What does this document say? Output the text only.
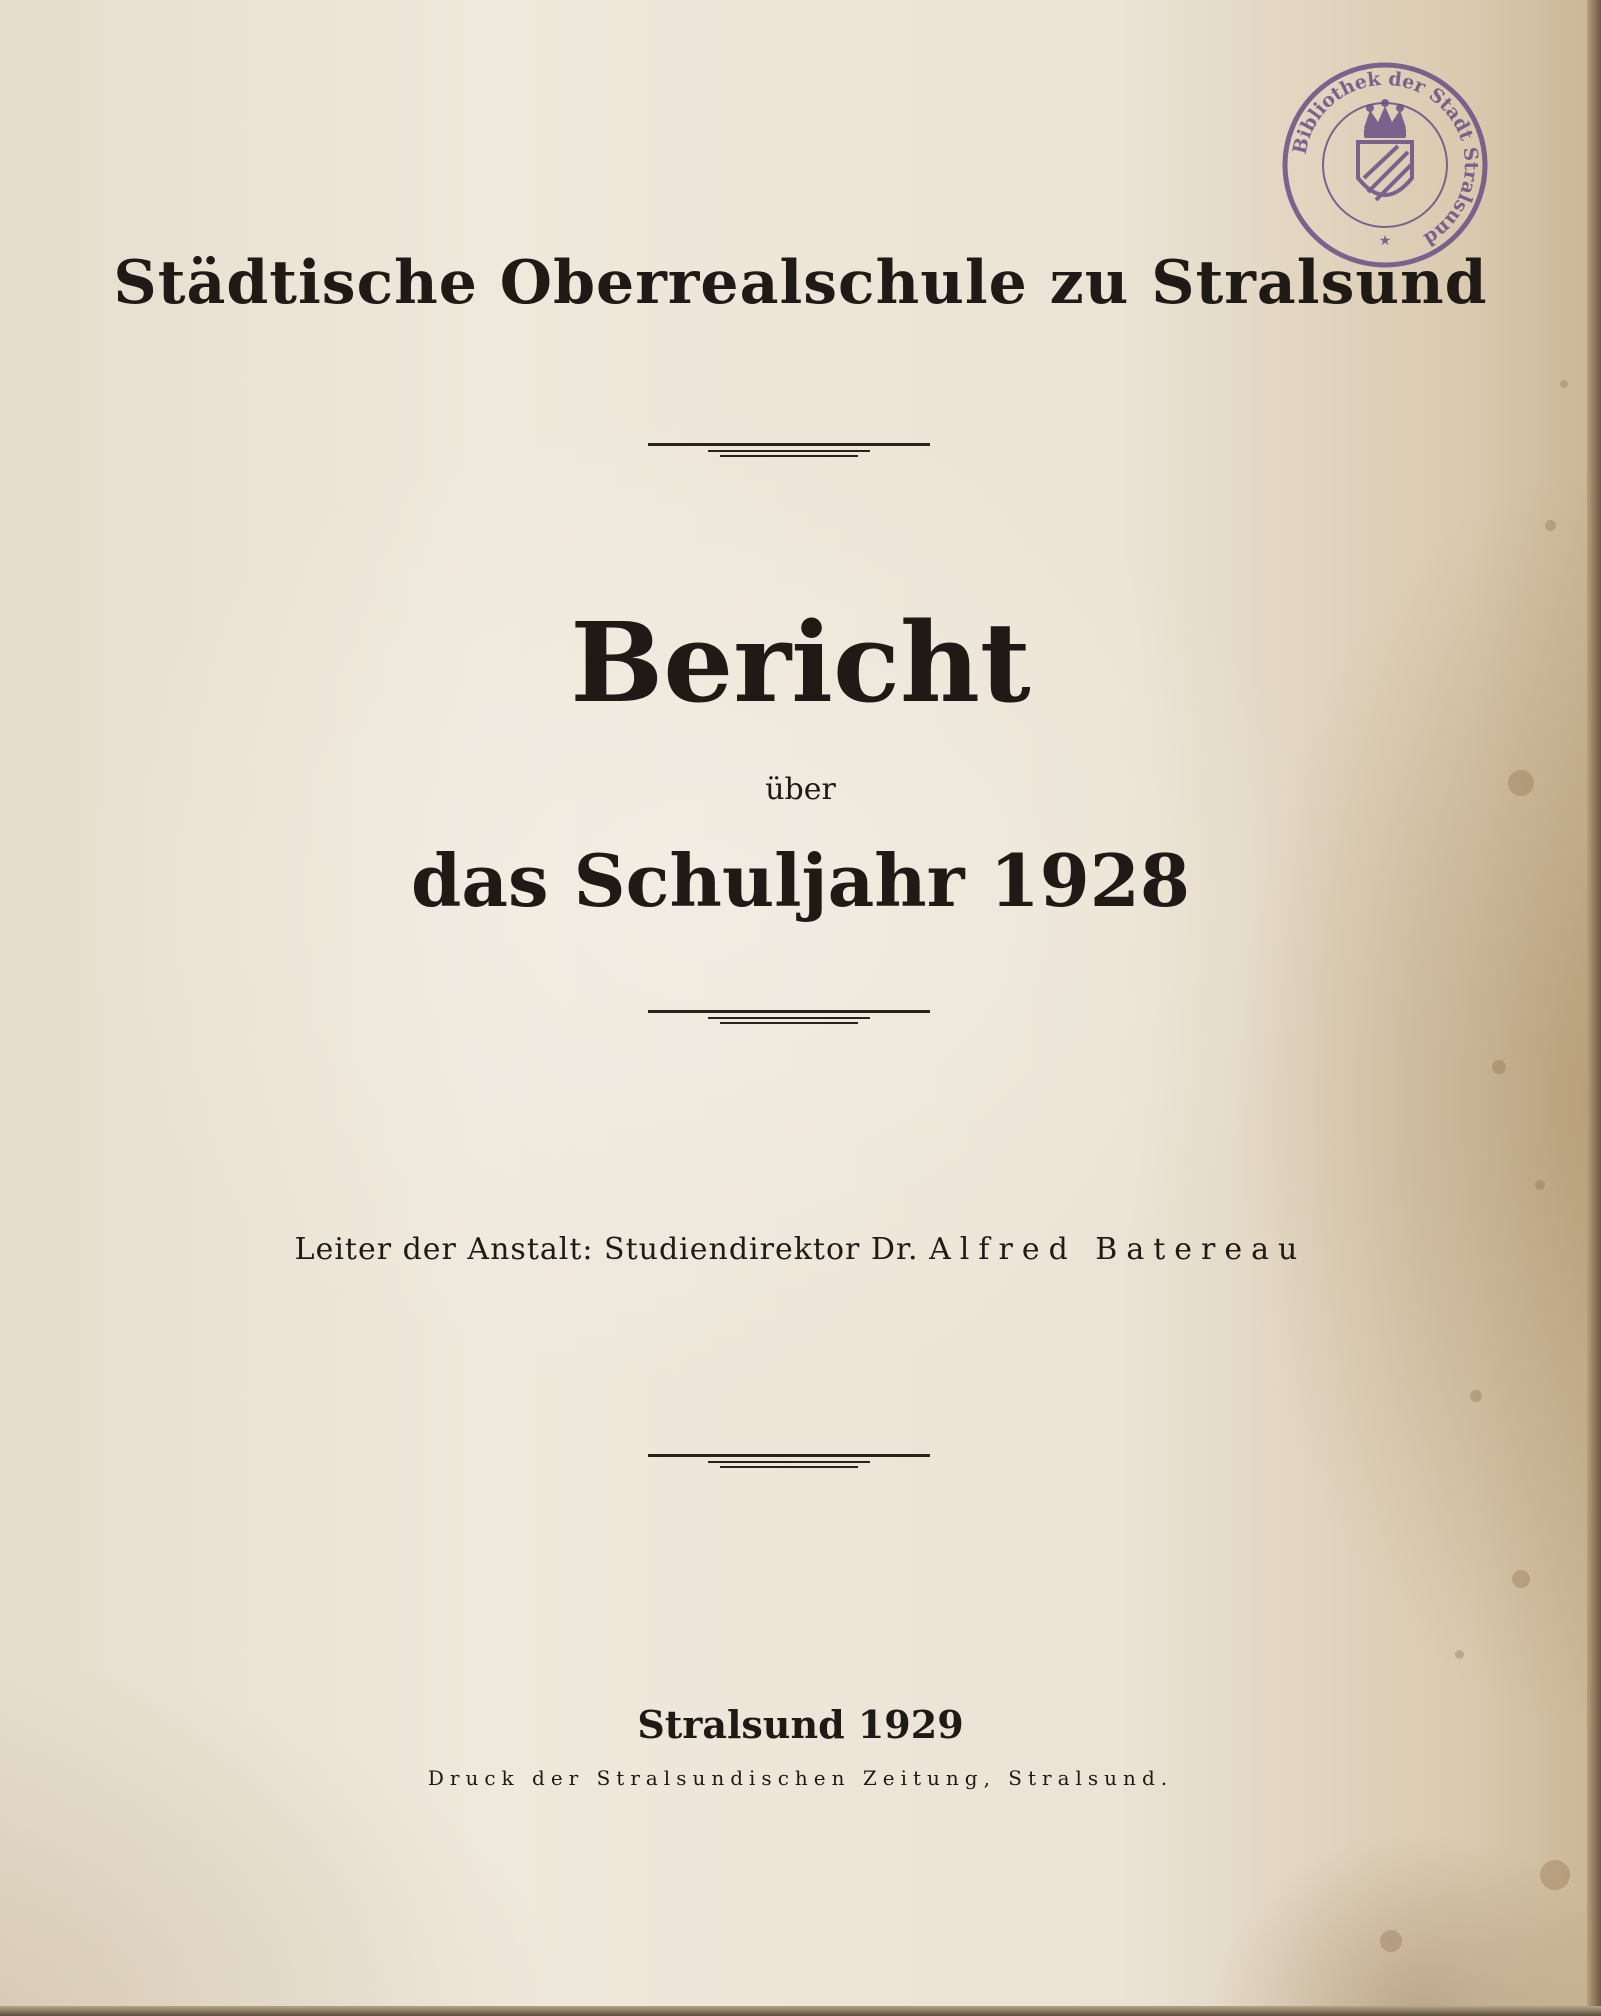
Städtische Oberrealschule zu Stralsund
Bericht
über
das Schuljahr 1928
Leiter der Anstalt: Studiendirektor Dr. Alfred Batereau
Stralsund 1929
Druck der Stralsundischen Zeitung, Stralsund.
Bibliothek der Stadt Stralsund
★
